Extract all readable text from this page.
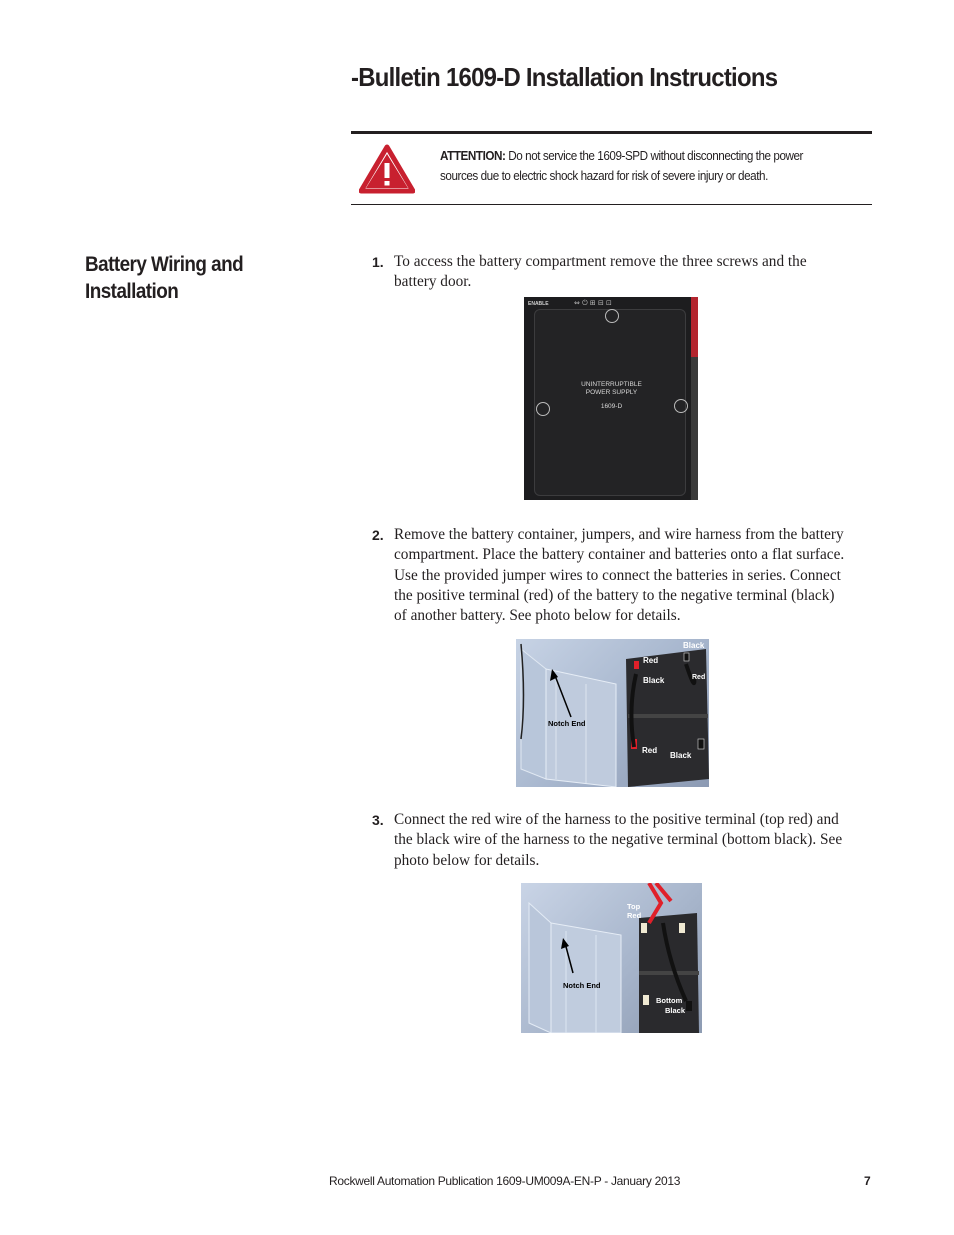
-Bulletin 1609-D Installation Instructions
ATTENTION: Do not service the 1609-SPD without disconnecting the power
sources due to electric shock hazard for risk of severe injury or death.
Battery Wiring and
Installation
1. To access the battery compartment remove the three screws and the
battery door.
ENABLE	⇔ ⏻ ⊞ ⊟ ⊡
UNINTERRUPTIBLE
POWER SUPPLY
1609-D
2. Remove the battery container, jumpers, and wire harness from the battery
compartment. Place the battery container and batteries onto a flat surface.
Use the provided jumper wires to connect the batteries in series. Connect
the positive terminal (red) of the battery to the negative terminal (black)
of another battery. See photo below for details.
Red
Black
Black	Red
Notch End
Red
Black
3. Connect the red wire of the harness to the positive terminal (top red) and
the black wire of the harness to the negative terminal (bottom black). See
photo below for details.
Top
Red
Notch End
Bottom
Black
Rockwell Automation Publication 1609-UM009A-EN-P - January 2013	7
